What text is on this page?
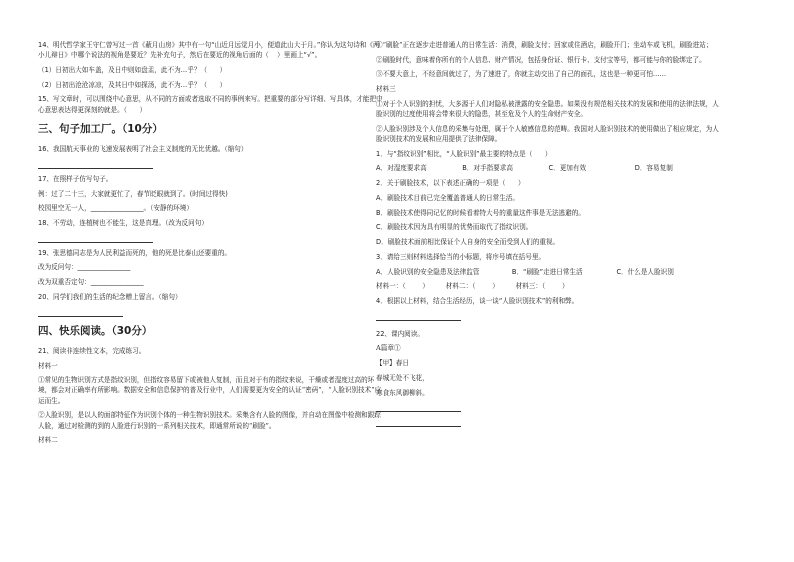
14、明代哲学家王守仁曾写过一首《蔽月山房》其中有一句“山近月远觉月小，便道此山大于月。”你认为这句诗和《两小儿辩日》中哪个说法的视角是要近？先补充句子，然后在要近的视角后面的（    ）里画上“√”。

（1）日初出大如车盖，及日中则如盘盂，此不为…乎？（      ）

（2）日初出沧沧凉凉，及其日中如探汤，此不为…乎？（      ）

15、写文章时，可以围绕中心意思，从不同的方面或者选取不同的事例来写。把重要的部分写详细、写具体，才能把中心意思表达得更深刻的就是。（      ）

三、句子加工厂。（10分）

16、我国航天事业的飞速发展表明了社会主义制度的无比优越。（缩句）

17、在照样子仿写句子。

例：过了二十三，大家就更忙了，春节眨眼就到了。(时间过得快)

校园里空无一人，________________。（安静的环境）

18、不劳动，连植树也不能生，这是真理。（改为反问句）

19、张思德同志是为人民利益而死的，他的死是比泰山还要重的。

改为反问句：________________

改为双重否定句：________________

20、同学们我们的生活的纪念赠上留言。（缩句）

四、快乐阅读。（30分）

21、阅读非连续性文本，完成练习。

材料一

①常见的生物识别方式是指纹识别，但指纹容易留下或被他人复制，而且对于有的指纹来说，干燥或者湿度过高的环境，都会对正确率有所影响。数据安全和信息保护的普及行业中，人们需要更为安全的认证“密码”，“人脸识别技术”应运而生。

②人脸识别，是以人的面部特征作为识别个体的一种生物识别技术。采集含有人脸的图像，并自动在图像中检测和跟踪人脸，通过对检测的到的人脸进行识别的一系列相关技术，即通常所说的“刷脸”。

材料二

①“刷脸”正在逐步走进普通人的日常生活：消费，刷脸支付；回家或住酒店，刷脸开门；坐动车或飞机，刷脸进站；

②刷脸时代，意味着你所有的个人信息、财产情况，包括身份证、银行卡、支付宝等号，都可能与你的脸绑定了。

③不要大意上，不经意间就过了，为了速进了，你就主动交出了自己的面孔，这也是一种更可怕……

材料三

①对于个人识别的担忧，大多源于人们对隐私被泄露的安全隐患。如果没有规范相关技术的发展和使用的法律法规，人脸识别的过度使用将会带来很大的隐患，甚至危及个人的生命财产安全。

②人脸识别涉及个人信息的采集与处理，属于个人敏感信息的范畴。我国对人脸识别技术的使用做出了相应规定，为人脸识别技术的发展和应用提供了法律保障。

1．与“指纹识别”相比，“人脸识别”最主要的特点是（      ）

A．对湿度要求高	B．对手指要求高	C．更加有效	D．容易复制

2．关于刷脸技术，以下表述正确的一项是（      ）

A．刷脸技术目前已完全覆盖普通人的日常生活。

B．刷脸技术使得同记忆的时候看着特大号的重量这件事是无法逃避的。

C．刷脸技术因为具有明显的优势而取代了指纹识别。

D．刷脸技术面前相比保证个人自身的安全而受到人们的重视。

3．请给三则材料选择恰当的小标题，将序号填在括号里。

A．人脸识别的安全隐患及法律监管	B．“刷脸”走进日常生活	C．什么是人脸识别

材料一：（        ）        材料二：（        ）        材料三：（        ）

4．根据以上材料，结合生活经历，谈一谈“人脸识别技术”的利和弊。

22、课内阅读。

A篇章①

【甲】春日

春城无处不飞花，

寒食东风御柳斜。
